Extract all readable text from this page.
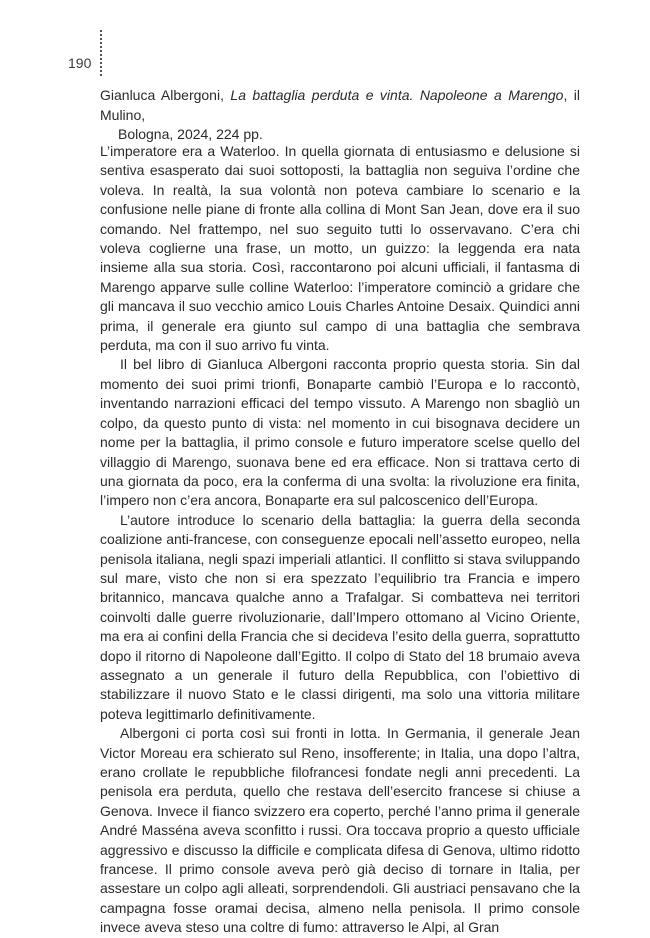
190
Gianluca Albergoni, La battaglia perduta e vinta. Napoleone a Marengo, il Mulino,
Bologna, 2024, 224 pp.

L’imperatore era a Waterloo. In quella giornata di entusiasmo e delusione si sentiva esasperato dai suoi sottoposti, la battaglia non seguiva l’ordine che voleva. In realtà, la sua volontà non poteva cambiare lo scenario e la confusione nelle piane di fronte alla collina di Mont San Jean, dove era il suo comando. Nel frattempo, nel suo seguito tutti lo osservavano. C’era chi voleva coglierne una frase, un motto, un guizzo: la leggenda era nata insieme alla sua storia. Così, raccontarono poi alcuni ufficiali, il fantasma di Marengo apparve sulle colline Waterloo: l’imperatore cominciò a gridare che gli mancava il suo vecchio amico Louis Charles Antoine Desaix. Quindici anni prima, il generale era giunto sul campo di una battaglia che sembrava perduta, ma con il suo arrivo fu vinta.

Il bel libro di Gianluca Albergoni racconta proprio questa storia. Sin dal momento dei suoi primi trionfi, Bonaparte cambiò l’Europa e lo raccontò, inventando narrazioni efficaci del tempo vissuto. A Marengo non sbagliò un colpo, da questo punto di vista: nel momento in cui bisognava decidere un nome per la battaglia, il primo console e futuro imperatore scelse quello del villaggio di Marengo, suonava bene ed era efficace. Non si trattava certo di una giornata da poco, era la conferma di una svolta: la rivoluzione era finita, l’impero non c’era ancora, Bonaparte era sul palcoscenico dell’Europa.

L’autore introduce lo scenario della battaglia: la guerra della seconda coalizione anti-francese, con conseguenze epocali nell’assetto europeo, nella penisola italiana, negli spazi imperiali atlantici. Il conflitto si stava sviluppando sul mare, visto che non si era spezzato l’equilibrio tra Francia e impero britannico, mancava qualche anno a Trafalgar. Si combatteva nei territori coinvolti dalle guerre rivoluzionarie, dall’Impero ottomano al Vicino Oriente, ma era ai confini della Francia che si decideva l’esito della guerra, soprattutto dopo il ritorno di Napoleone dall’Egitto. Il colpo di Stato del 18 brumaio aveva assegnato a un generale il futuro della Repubblica, con l’obiettivo di stabilizzare il nuovo Stato e le classi dirigenti, ma solo una vittoria militare poteva legittimarlo definitivamente.

Albergoni ci porta così sui fronti in lotta. In Germania, il generale Jean Victor Moreau era schierato sul Reno, insofferente; in Italia, una dopo l’altra, erano crollate le repubbliche filofrancesi fondate negli anni precedenti. La penisola era perduta, quello che restava dell’esercito francese si chiuse a Genova. Invece il fianco svizzero era coperto, perché l’anno prima il generale André Masséna aveva sconfitto i russi. Ora toccava proprio a questo ufficiale aggressivo e discusso la difficile e complicata difesa di Genova, ultimo ridotto francese. Il primo console aveva però già deciso di tornare in Italia, per assestare un colpo agli alleati, sorprendendoli. Gli austriaci pensavano che la campagna fosse oramai decisa, almeno nella penisola. Il primo console invece aveva steso una coltre di fumo: attraverso le Alpi, al Gran
